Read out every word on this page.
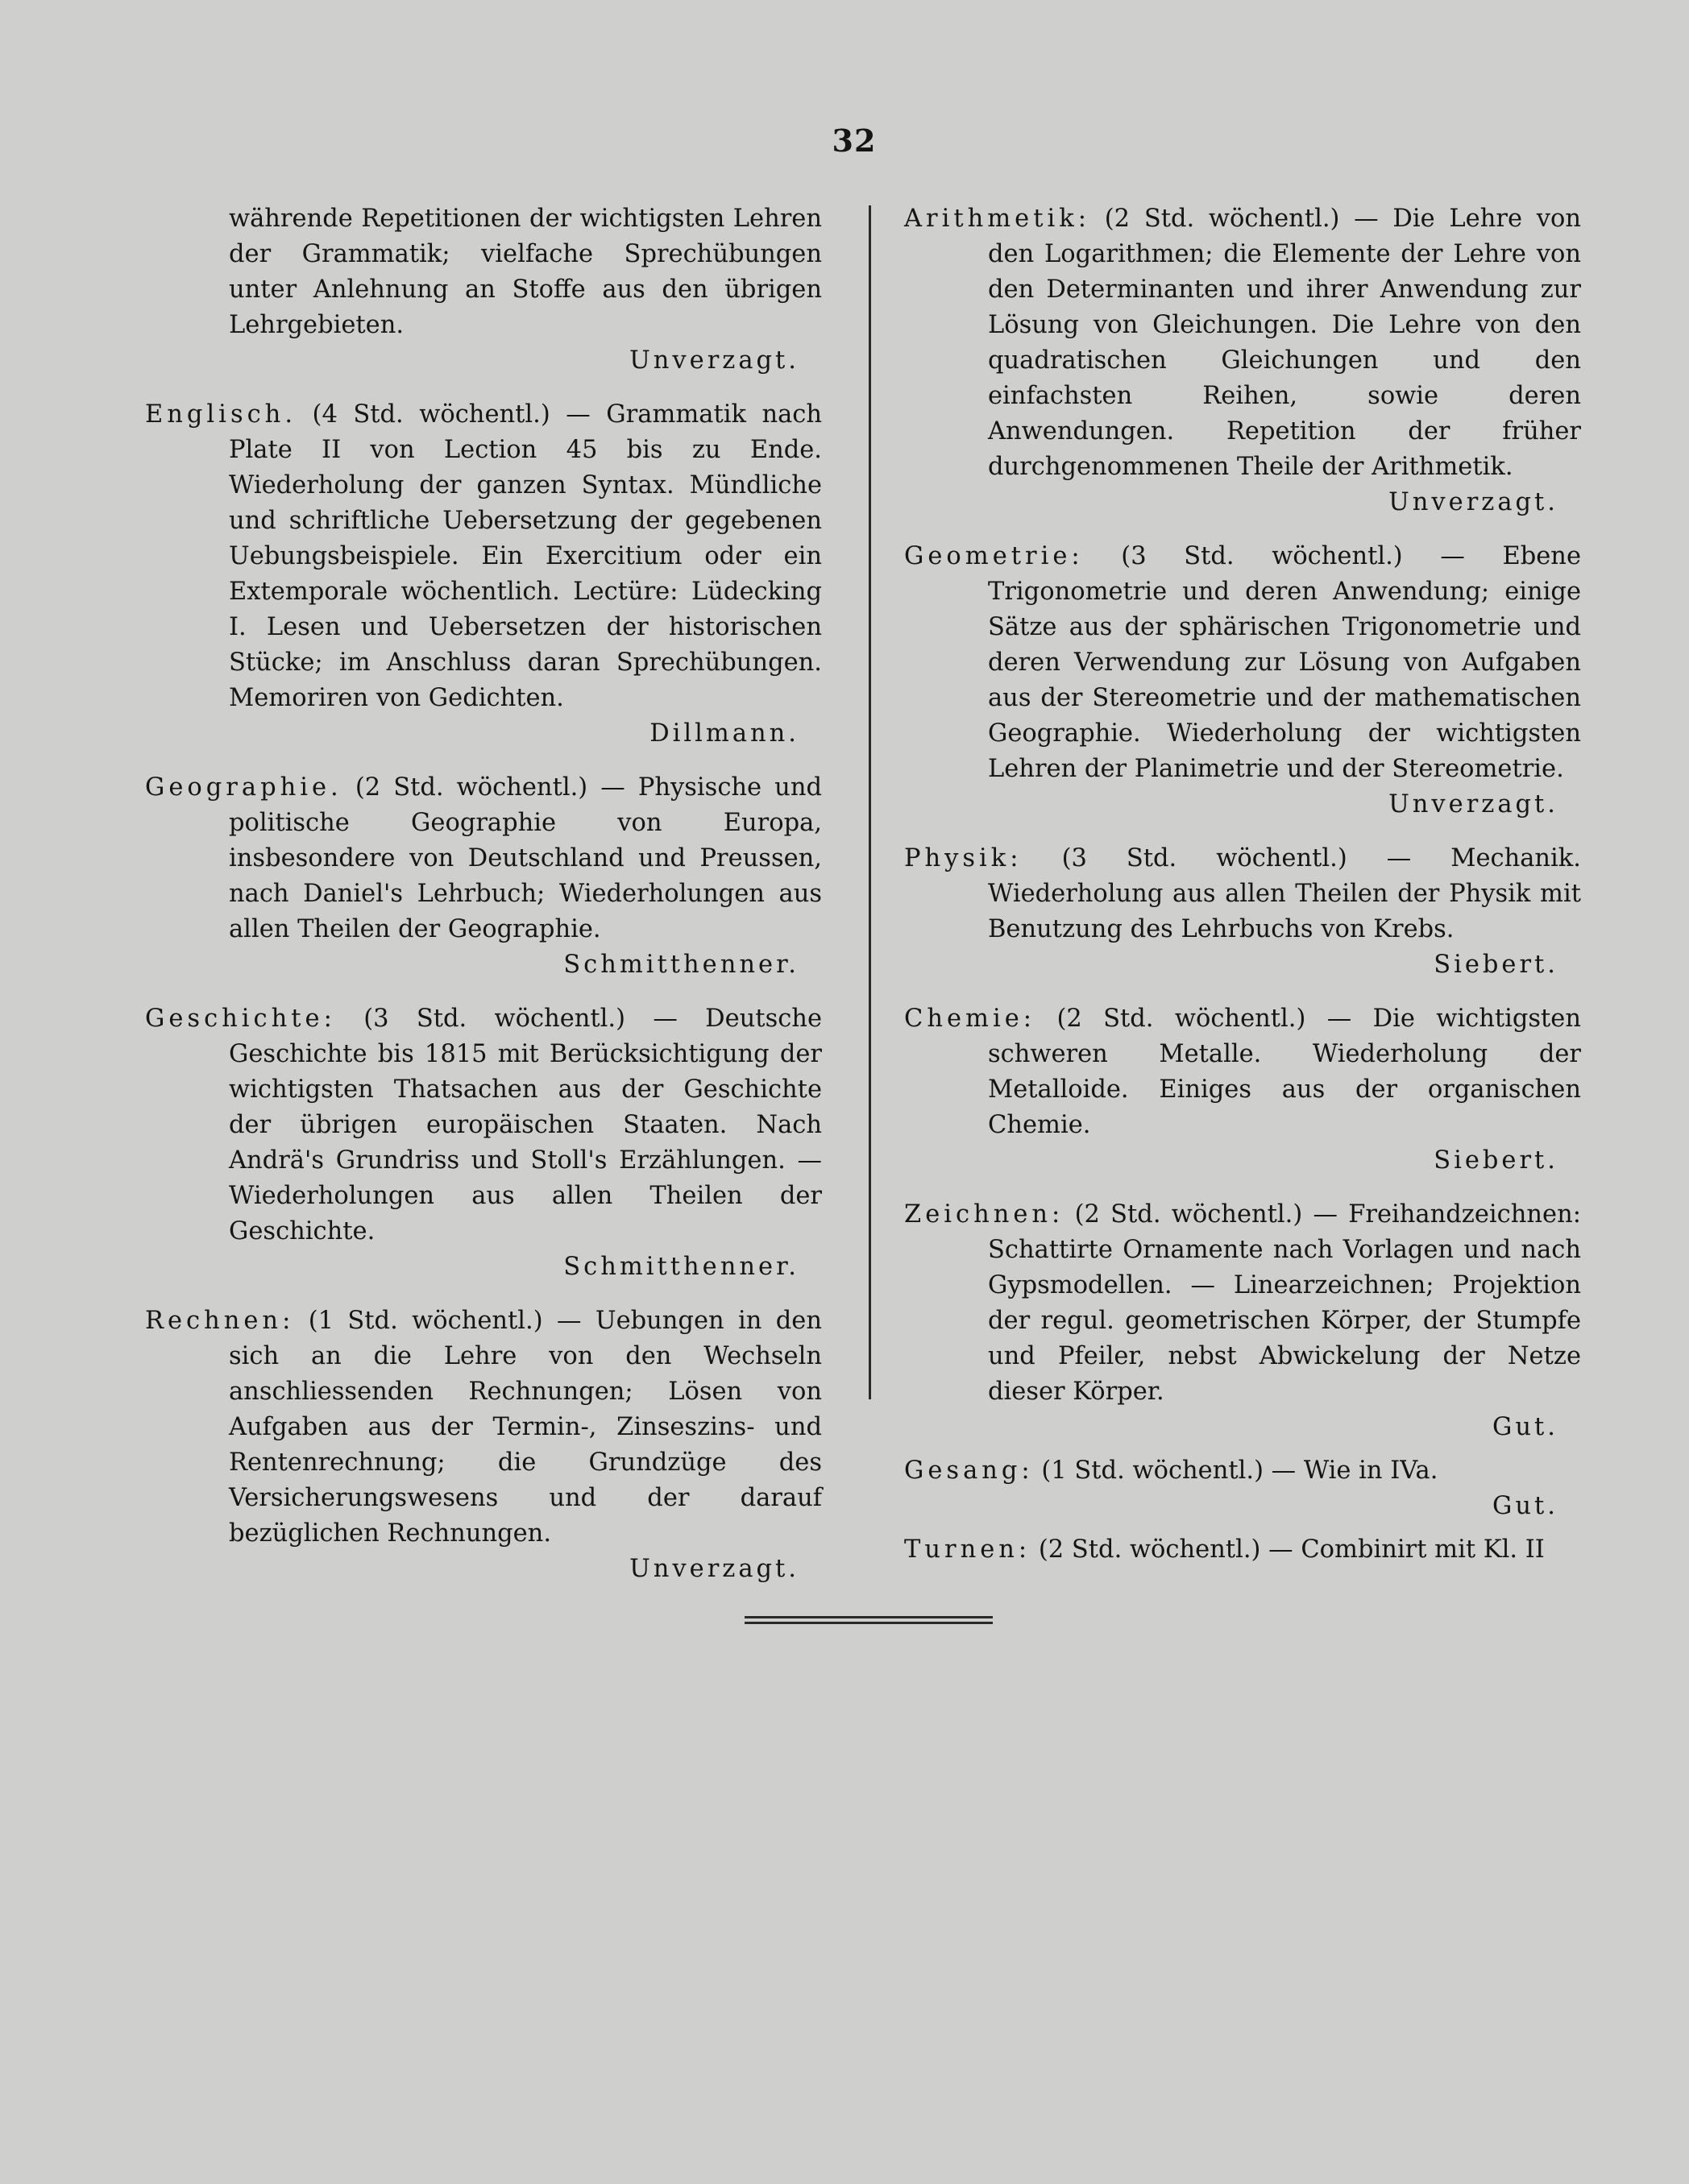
32

währende Repetitionen der wichtigsten Lehren der Grammatik; vielfache Sprechübungen unter Anlehnung an Stoffe aus den übrigen Lehrgebieten.
Unverzagt.

Englisch. (4 Std. wöchentl.) — Grammatik nach Plate II von Lection 45 bis zu Ende. Wiederholung der ganzen Syntax. Mündliche und schriftliche Uebersetzung der gegebenen Uebungsbeispiele. Ein Exercitium oder ein Extemporale wöchentlich. Lectüre: Lüdecking I. Lesen und Uebersetzen der historischen Stücke; im Anschluss daran Sprechübungen. Memoriren von Gedichten.
Dillmann.

Geographie. (2 Std. wöchentl.) — Physische und politische Geographie von Europa, insbesondere von Deutschland und Preussen, nach Daniel's Lehrbuch; Wiederholungen aus allen Theilen der Geographie.
Schmitthenner.

Geschichte: (3 Std. wöchentl.) — Deutsche Geschichte bis 1815 mit Berücksichtigung der wichtigsten Thatsachen aus der Geschichte der übrigen europäischen Staaten. Nach Andrä's Grundriss und Stoll's Erzählungen. — Wiederholungen aus allen Theilen der Geschichte.
Schmitthenner.

Rechnen: (1 Std. wöchentl.) — Uebungen in den sich an die Lehre von den Wechseln anschliessenden Rechnungen; Lösen von Aufgaben aus der Termin-, Zinseszins- und Rentenrechnung; die Grundzüge des Versicherungswesens und der darauf bezüglichen Rechnungen.
Unverzagt.

Arithmetik: (2 Std. wöchentl.) — Die Lehre von den Logarithmen; die Elemente der Lehre von den Determinanten und ihrer Anwendung zur Lösung von Gleichungen. Die Lehre von den quadratischen Gleichungen und den einfachsten Reihen, sowie deren Anwendungen. Repetition der früher durchgenommenen Theile der Arithmetik.
Unverzagt.

Geometrie: (3 Std. wöchentl.) — Ebene Trigonometrie und deren Anwendung; einige Sätze aus der sphärischen Trigonometrie und deren Verwendung zur Lösung von Aufgaben aus der Stereometrie und der mathematischen Geographie. Wiederholung der wichtigsten Lehren der Planimetrie und der Stereometrie.
Unverzagt.

Physik: (3 Std. wöchentl.) — Mechanik. Wiederholung aus allen Theilen der Physik mit Benutzung des Lehrbuchs von Krebs.
Siebert.

Chemie: (2 Std. wöchentl.) — Die wichtigsten schweren Metalle. Wiederholung der Metalloide. Einiges aus der organischen Chemie.
Siebert.

Zeichnen: (2 Std. wöchentl.) — Freihandzeichnen: Schattirte Ornamente nach Vorlagen und nach Gypsmodellen. — Linearzeichnen; Projektion der regul. geometrischen Körper, der Stumpfe und Pfeiler, nebst Abwickelung der Netze dieser Körper.
Gut.

Gesang: (1 Std. wöchentl.) — Wie in IVa.
Gut.

Turnen: (2 Std. wöchentl.) — Combinirt mit Kl. II
